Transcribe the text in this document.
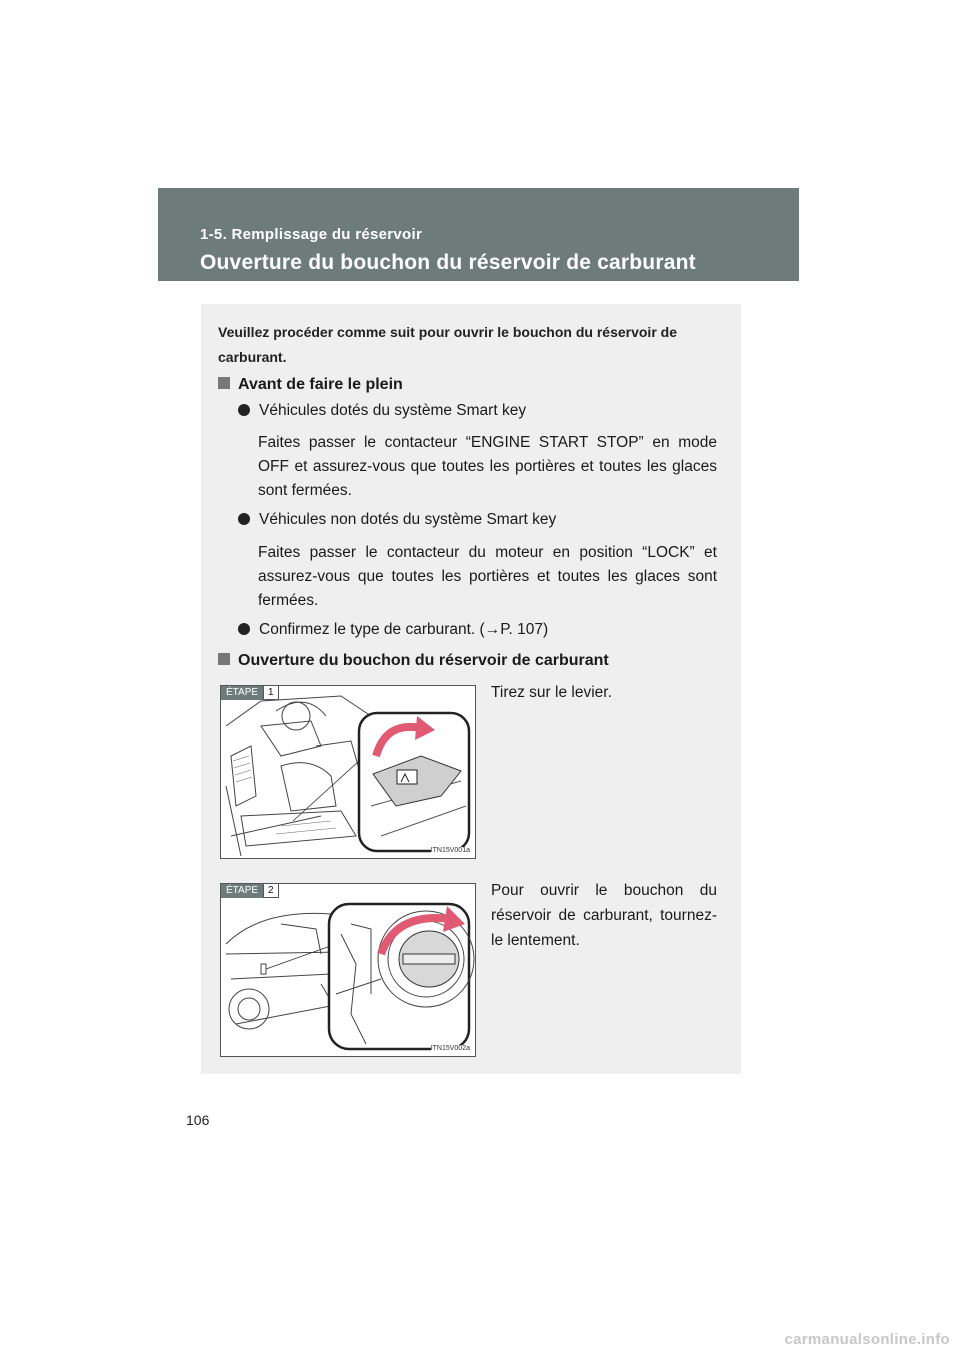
1-5. Remplissage du réservoir
Ouverture du bouchon du réservoir de carburant
Veuillez procéder comme suit pour ouvrir le bouchon du réservoir de carburant.
Avant de faire le plein
Véhicules dotés du système Smart key
Faites passer le contacteur “ENGINE START STOP” en mode OFF et assurez-vous que toutes les portières et toutes les glaces sont fermées.
Véhicules non dotés du système Smart key
Faites passer le contacteur du moteur en position “LOCK” et assurez-vous que toutes les portières et toutes les glaces sont fermées.
Confirmez le type de carburant. (→P. 107)
Ouverture du bouchon du réservoir de carburant
ÉTAPE	1
ITN15V001a
Tirez sur le levier.
ÉTAPE	2
ITN15V002a
Pour ouvrir le bouchon du réservoir de carburant, tournez-le lentement.
106
carmanualsonline.info
